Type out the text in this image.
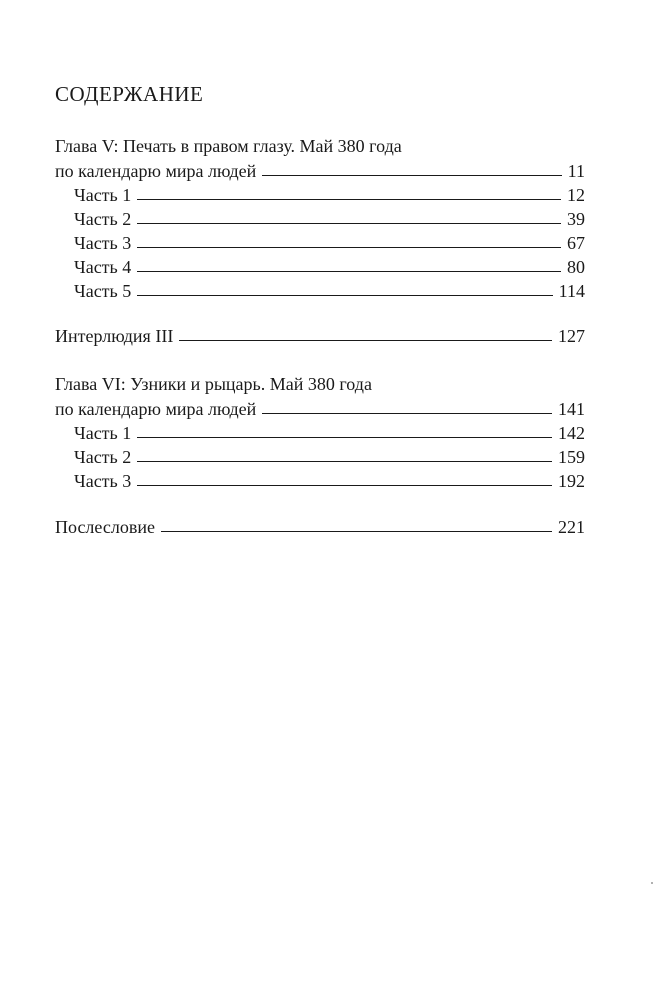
СОДЕРЖАНИЕ
Глава V: Печать в правом глазу. Май 380 года
по календарю мира людей	11
Часть 1	12
Часть 2	39
Часть 3	67
Часть 4	80
Часть 5	114
Интерлюдия III	127
Глава VI: Узники и рыцарь. Май 380 года
по календарю мира людей	141
Часть 1	142
Часть 2	159
Часть 3	192
Послесловие	221
